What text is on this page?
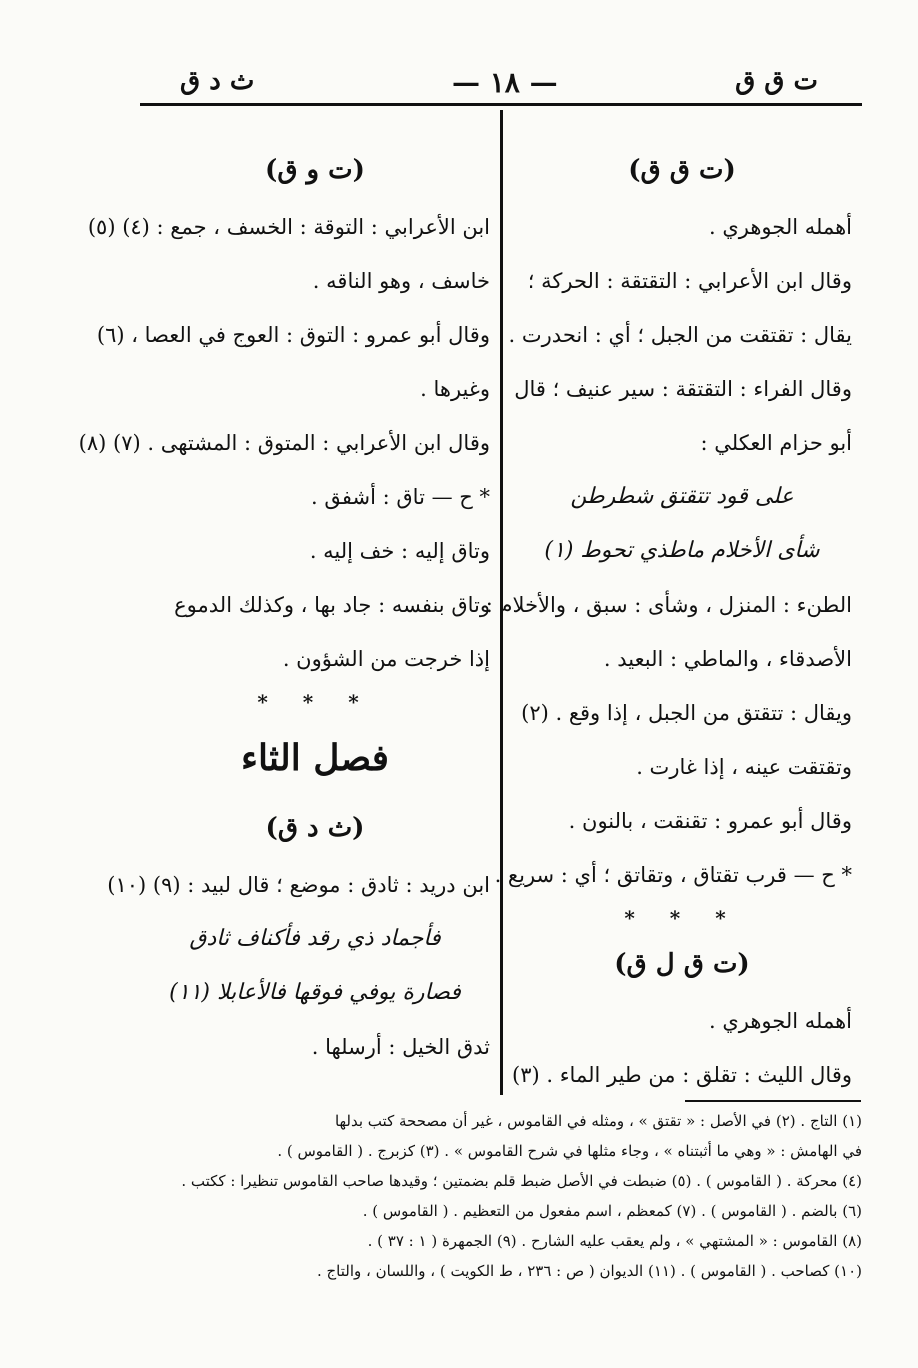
ت ق ق
— ١٨ —
ث د ق
(ت ق ق)
أهمله الجوهري .
وقال ابن الأعرابي : التقتقة : الحركة ؛
يقال : تقتقت من الجبل ؛ أي : انحدرت .
وقال الفراء : التقتقة : سير عنيف ؛ قال
أبو حزام العكلي :
على قود تتقتق شطرطن
شأى الأخلام ماطذي تحوط (١)
الطنء : المنزل ، وشأى : سبق ، والأخلام :
الأصدقاء ، والماطي : البعيد .
ويقال : تتقتق من الجبل ، إذا وقع . (٢)
وتقتقت عينه ، إذا غارت .
وقال أبو عمرو : تقنقت ، بالنون .
* ح — قرب تقتاق ، وتقاتق ؛ أي : سريع .
* * *
(ت ق ل ق)
أهمله الجوهري .
وقال الليث : تقلق : من طير الماء . (٣)
(ت و ق)
ابن الأعرابي : التوقة : الخسف ، جمع : (٤) (٥)
خاسف ، وهو الناقه .
وقال أبو عمرو : التوق : العوج في العصا ، (٦)
وغيرها .
وقال ابن الأعرابي : المتوق : المشتهى . (٧) (٨)
* ح — تاق : أشفق .
وتاق إليه : خف إليه .
وتاق بنفسه : جاد بها ، وكذلك الدموع
إذا خرجت من الشؤون .
* * *
فصل الثاء
(ث د ق)
ابن دريد : ثادق : موضع ؛ قال لبيد : (٩) (١٠)
فأجماد ذي رقد فأكناف ثادق
فصارة يوفي فوقها فالأعابلا (١١)
ثدق الخيل : أرسلها .
(١) التاج . (٢) في الأصل : « تقتق » ، ومثله في القاموس ، غير أن مصححة كتب بدلها
في الهامش : « وهي ما أثبتناه » ، وجاء مثلها في شرح القاموس » . (٣) كزبرج . ( القاموس ) .
(٤) محركة . ( القاموس ) . (٥) ضبطت في الأصل ضبط قلم بضمتين ؛ وقيدها صاحب القاموس تنظيرا : ككتب .
(٦) بالضم . ( القاموس ) . (٧) كمعظم ، اسم مفعول من التعظيم . ( القاموس ) .
(٨) القاموس : « المشتهي » ، ولم يعقب عليه الشارح . (٩) الجمهرة ( ١ : ٣٧ ) .
(١٠) كصاحب . ( القاموس ) . (١١) الديوان ( ص : ٢٣٦ ، ط الكويت ) ، واللسان ، والتاج .
